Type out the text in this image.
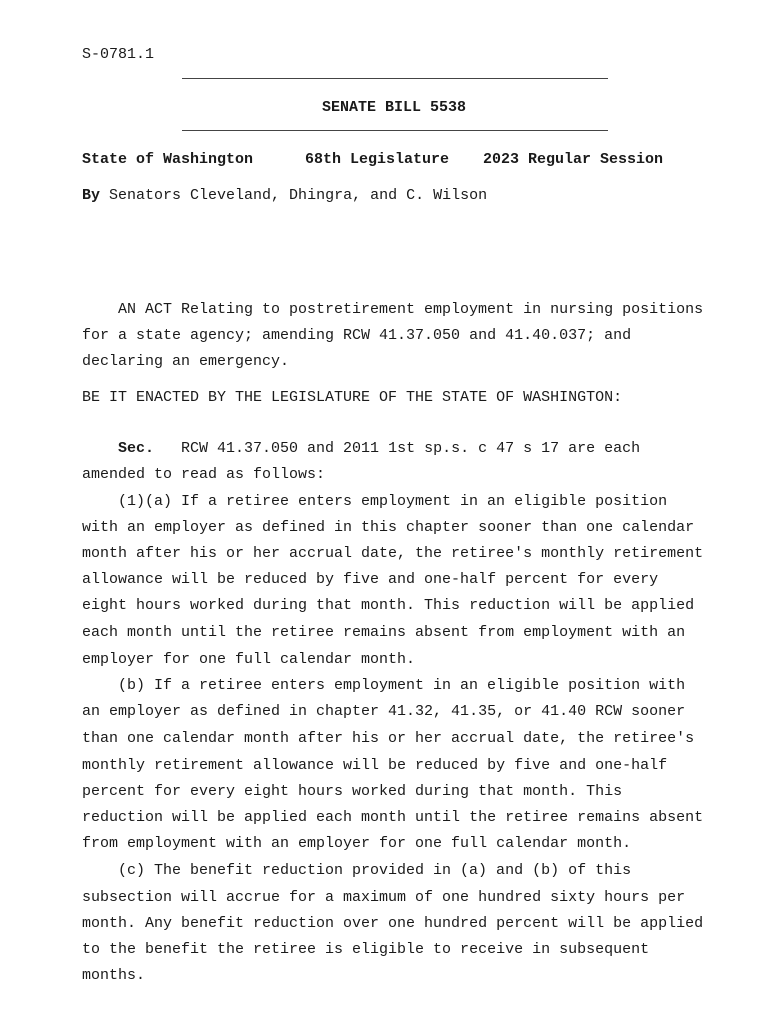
S-0781.1
SENATE BILL 5538
State of Washington	68th Legislature 2023 Regular Session
By Senators Cleveland, Dhingra, and C. Wilson
AN ACT Relating to postretirement employment in nursing positions
for a state agency; amending RCW 41.37.050 and 41.40.037; and
declaring an emergency.
BE IT ENACTED BY THE LEGISLATURE OF THE STATE OF WASHINGTON:
Sec. RCW 41.37.050 and 2011 1st sp.s. c 47 s 17 are each
amended to read as follows:
(1)(a) If a retiree enters employment in an eligible position
with an employer as defined in this chapter sooner than one calendar
month after his or her accrual date, the retiree's monthly retirement
allowance will be reduced by five and one-half percent for every
eight hours worked during that month. This reduction will be applied
each month until the retiree remains absent from employment with an
employer for one full calendar month.
(b) If a retiree enters employment in an eligible position with
an employer as defined in chapter 41.32, 41.35, or 41.40 RCW sooner
than one calendar month after his or her accrual date, the retiree's
monthly retirement allowance will be reduced by five and one-half
percent for every eight hours worked during that month. This
reduction will be applied each month until the retiree remains absent
from employment with an employer for one full calendar month.
(c) The benefit reduction provided in (a) and (b) of this
subsection will accrue for a maximum of one hundred sixty hours per
month. Any benefit reduction over one hundred percent will be applied
to the benefit the retiree is eligible to receive in subsequent
months.
